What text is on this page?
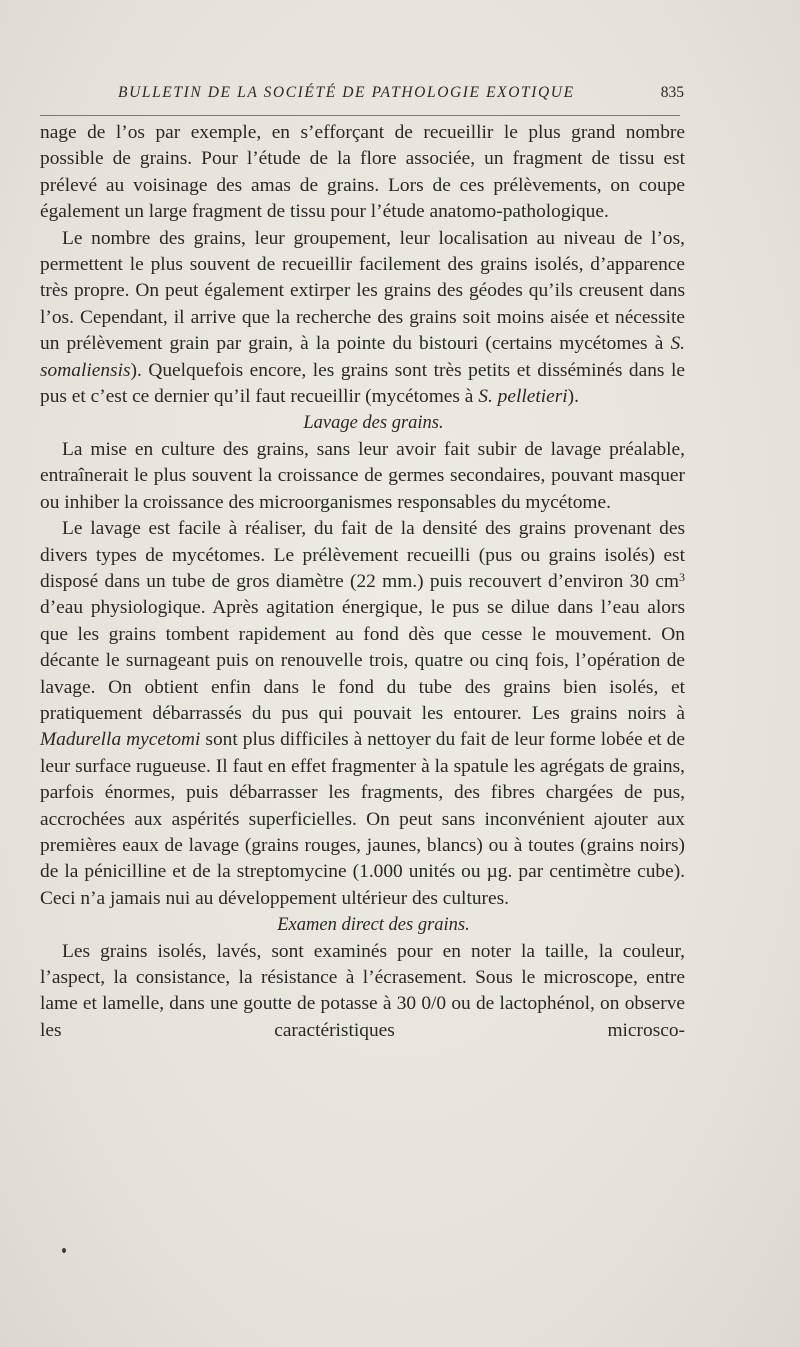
BULLETIN DE LA SOCIÉTÉ DE PATHOLOGIE EXOTIQUE	835

nage de l’os par exemple, en s’efforçant de recueillir le plus grand nombre possible de grains. Pour l’étude de la flore associée, un fragment de tissu est prélevé au voisinage des amas de grains. Lors de ces prélèvements, on coupe également un large fragment de tissu pour l’étude anatomo-pathologique.

Le nombre des grains, leur groupement, leur localisation au niveau de l’os, permettent le plus souvent de recueillir facilement des grains isolés, d’apparence très propre. On peut également extirper les grains des géodes qu’ils creusent dans l’os. Cependant, il arrive que la recherche des grains soit moins aisée et nécessite un prélèvement grain par grain, à la pointe du bistouri (certains mycétomes à S. somaliensis). Quelquefois encore, les grains sont très petits et disséminés dans le pus et c’est ce dernier qu’il faut recueillir (mycétomes à S. pelletieri).

Lavage des grains.

La mise en culture des grains, sans leur avoir fait subir de lavage préalable, entraînerait le plus souvent la croissance de germes secondaires, pouvant masquer ou inhiber la croissance des microorganismes responsables du mycétome.

Le lavage est facile à réaliser, du fait de la densité des grains provenant des divers types de mycétomes. Le prélèvement recueilli (pus ou grains isolés) est disposé dans un tube de gros diamètre (22 mm.) puis recouvert d’environ 30 $cm^3$ d’eau physiologique. Après agitation énergique, le pus se dilue dans l’eau alors que les grains tombent rapidement au fond dès que cesse le mouvement. On décante le surnageant puis on renouvelle trois, quatre ou cinq fois, l’opération de lavage. On obtient enfin dans le fond du tube des grains bien isolés, et pratiquement débarrassés du pus qui pouvait les entourer. Les grains noirs à Madurella mycetomi sont plus difficiles à nettoyer du fait de leur forme lobée et de leur surface rugueuse. Il faut en effet fragmenter à la spatule les agrégats de grains, parfois énormes, puis débarrasser les fragments, des fibres chargées de pus, accrochées aux aspérités superficielles. On peut sans inconvénient ajouter aux premières eaux de lavage (grains rouges, jaunes, blancs) ou à toutes (grains noirs) de la pénicilline et de la streptomycine (1.000 unités ou µg. par centimètre cube). Ceci n’a jamais nui au développement ultérieur des cultures.

Examen direct des grains.

Les grains isolés, lavés, sont examinés pour en noter la taille, la couleur, l’aspect, la consistance, la résistance à l’écrasement. Sous le microscope, entre lame et lamelle, dans une goutte de potasse à 30 0/0 ou de lactophénol, on observe les caractéristiques microsco-
